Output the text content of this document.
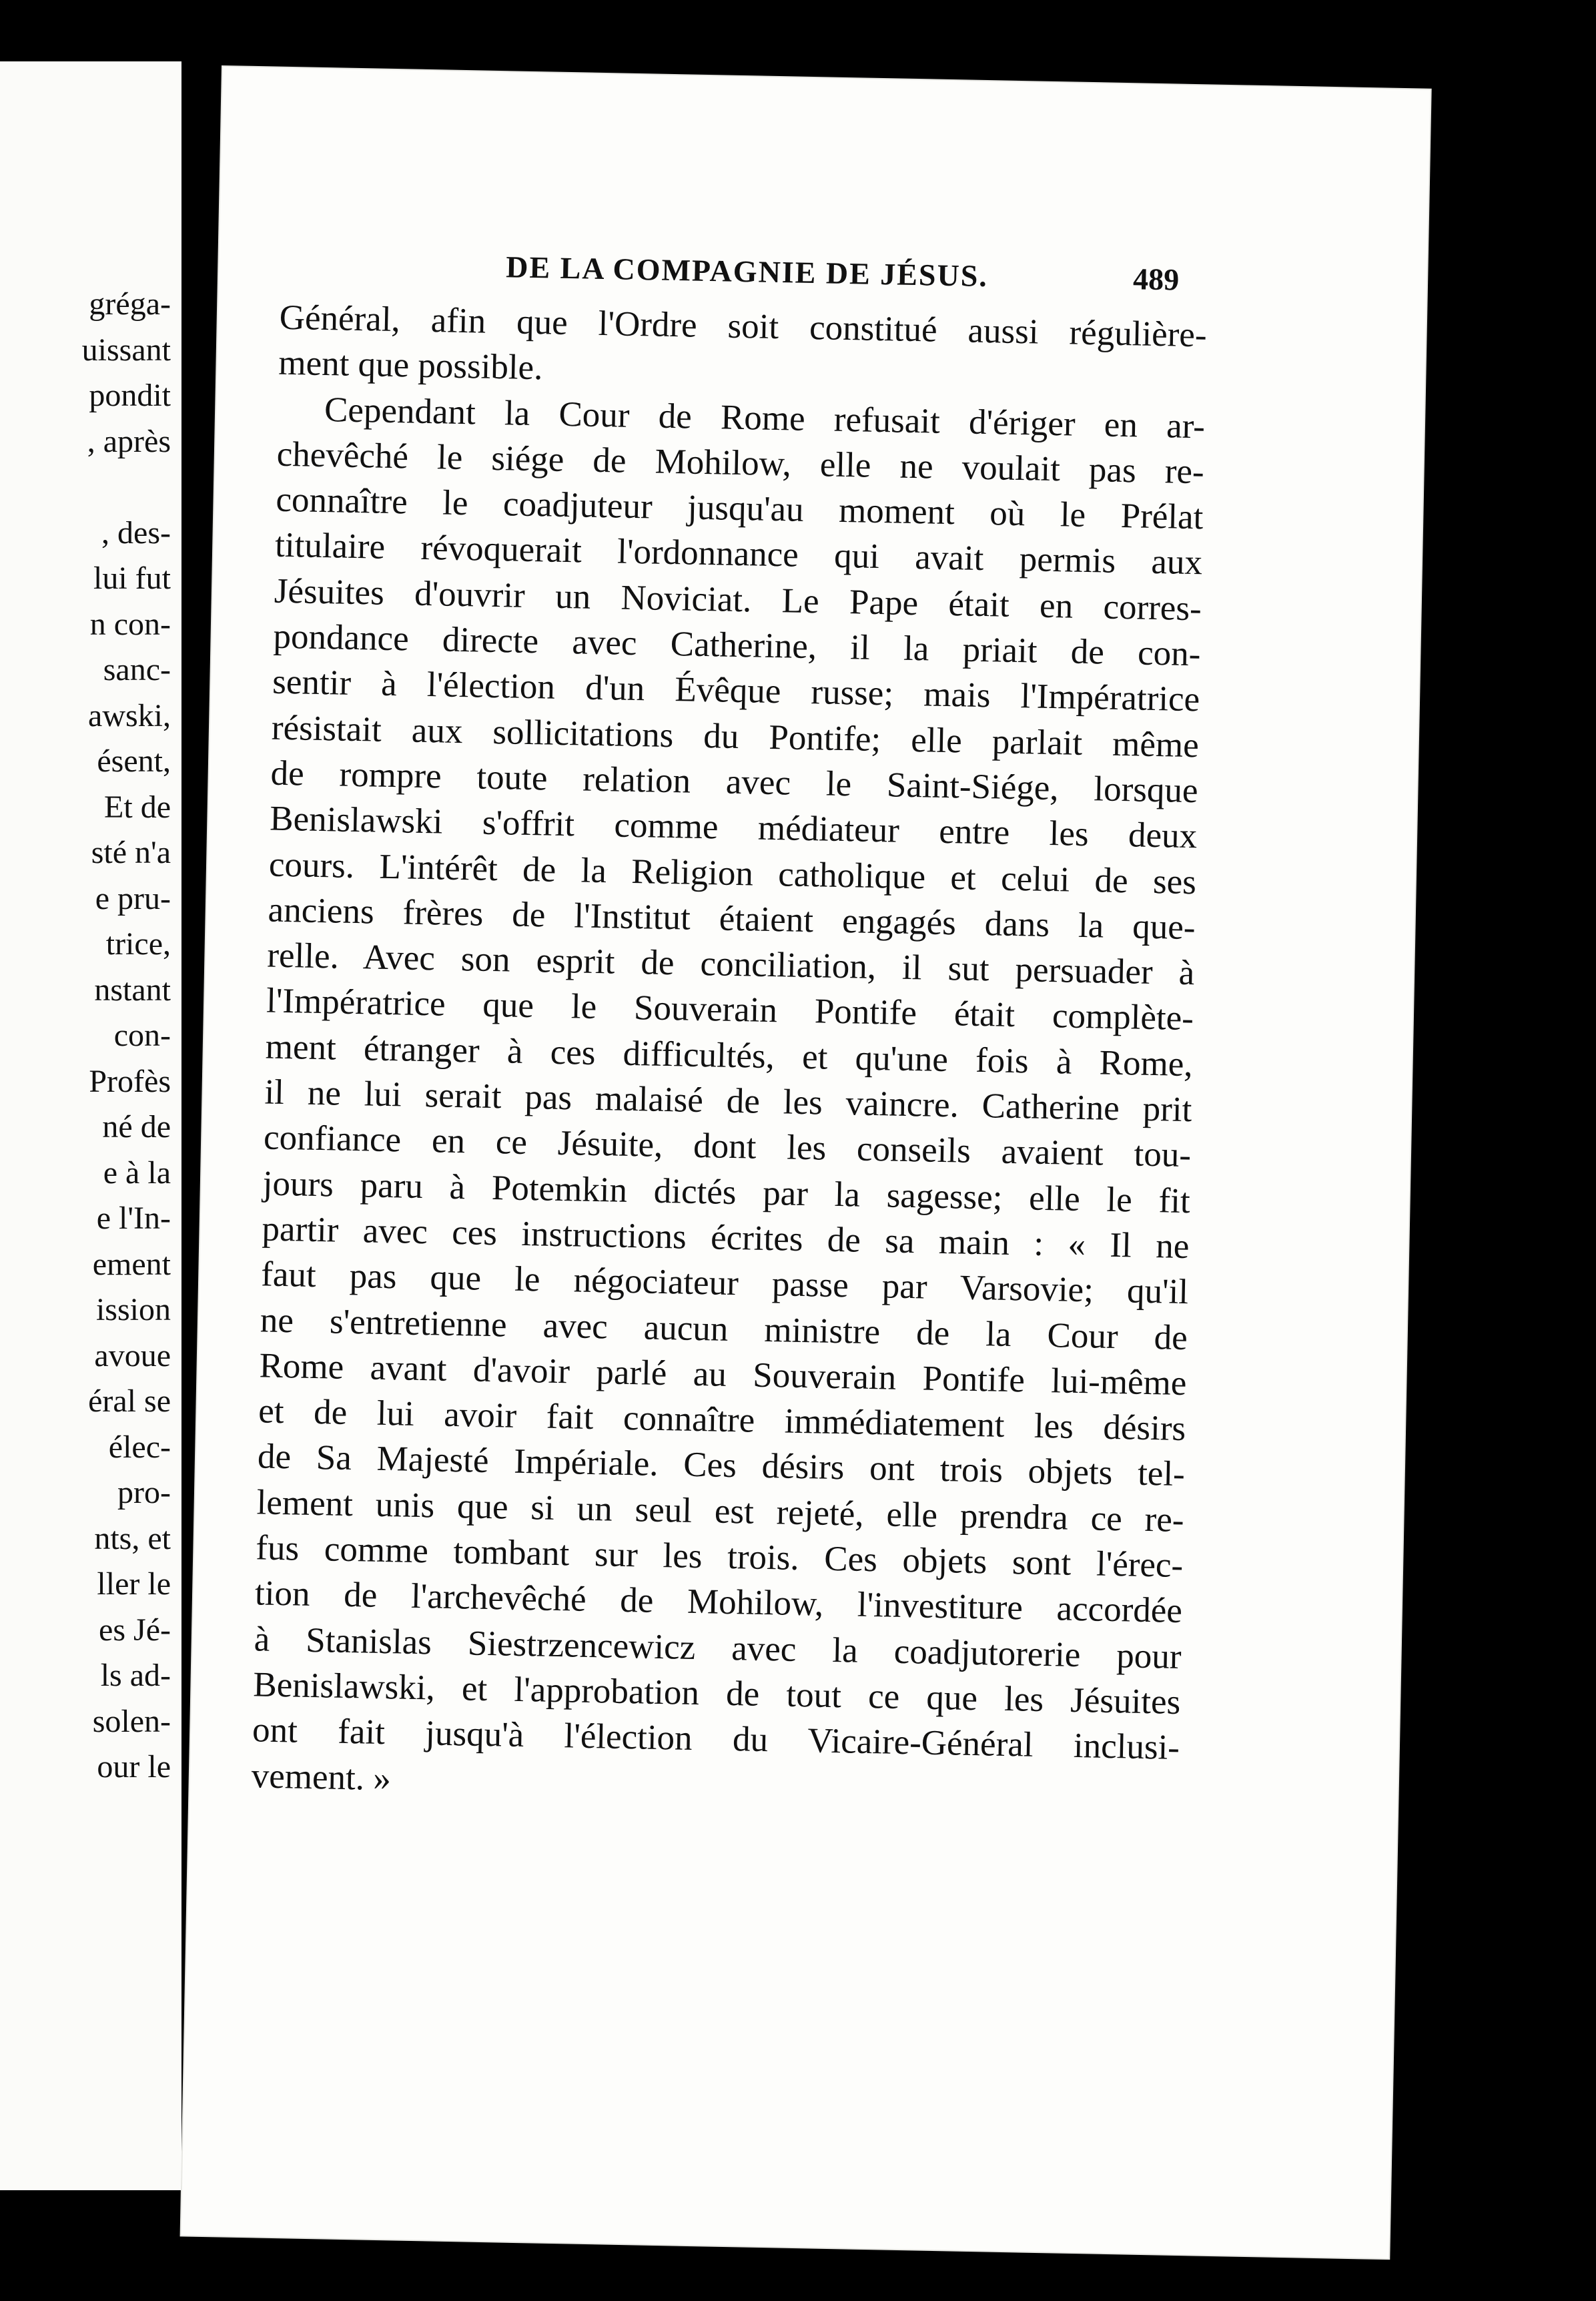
grégа-
uissant
pondit
, après
, des-
lui fut
n con-
sanc-
awski,
ésent,
Et de
sté n'a
e pru-
trice,
nstant
con-
Profès
né de
e à la
e l'In-
ement
ission
avoue
éral se
élec-
pro-
nts, et
ller le
es Jé-
ls ad-
solen-
our le
DE LA COMPAGNIE DE JÉSUS.	489
Général, afin que l'Ordre soit constitué aussi régulière-
ment que possible.
Cependant la Cour de Rome refusait d'ériger en ar-
chevêché le siége de Mohilow, elle ne voulait pas re-
connaître le coadjuteur jusqu'au moment où le Prélat
titulaire révoquerait l'ordonnance qui avait permis aux
Jésuites d'ouvrir un Noviciat. Le Pape était en corres-
pondance directe avec Catherine, il la priait de con-
sentir à l'élection d'un Évêque russe; mais l'Impératrice
résistait aux sollicitations du Pontife; elle parlait même
de rompre toute relation avec le Saint-Siége, lorsque
Benislawski s'offrit comme médiateur entre les deux
cours. L'intérêt de la Religion catholique et celui de ses
anciens frères de l'Institut étaient engagés dans la que-
relle. Avec son esprit de conciliation, il sut persuader à
l'Impératrice que le Souverain Pontife était complète-
ment étranger à ces difficultés, et qu'une fois à Rome,
il ne lui serait pas malaisé de les vaincre. Catherine prit
confiance en ce Jésuite, dont les conseils avaient tou-
jours paru à Potemkin dictés par la sagesse; elle le fit
partir avec ces instructions écrites de sa main : « Il ne
faut pas que le négociateur passe par Varsovie; qu'il
ne s'entretienne avec aucun ministre de la Cour de
Rome avant d'avoir parlé au Souverain Pontife lui-même
et de lui avoir fait connaître immédiatement les désirs
de Sa Majesté Impériale. Ces désirs ont trois objets tel-
lement unis que si un seul est rejeté, elle prendra ce re-
fus comme tombant sur les trois. Ces objets sont l'érec-
tion de l'archevêché de Mohilow, l'investiture accordée
à Stanislas Siestrzencewicz avec la coadjutorerie pour
Benislawski, et l'approbation de tout ce que les Jésuites
ont fait jusqu'à l'élection du Vicaire-Général inclusi-
vement. »
